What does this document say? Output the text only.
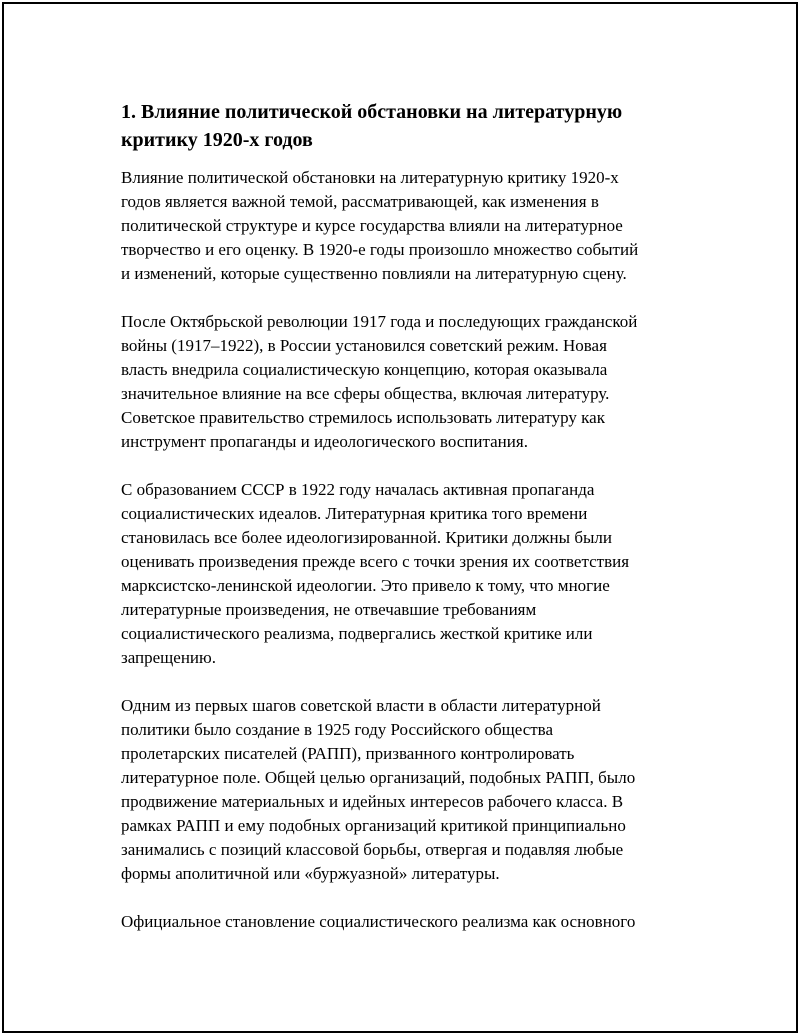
1. Влияние политической обстановки на литературную
критику 1920-х годов

Влияние политической обстановки на литературную критику 1920-х
годов является важной темой, рассматривающей, как изменения в
политической структуре и курсе государства влияли на литературное
творчество и его оценку. В 1920-е годы произошло множество событий
и изменений, которые существенно повлияли на литературную сцену.

После Октябрьской революции 1917 года и последующих гражданской
войны (1917–1922), в России установился советский режим. Новая
власть внедрила социалистическую концепцию, которая оказывала
значительное влияние на все сферы общества, включая литературу.
Советское правительство стремилось использовать литературу как
инструмент пропаганды и идеологического воспитания.

С образованием СССР в 1922 году началась активная пропаганда
социалистических идеалов. Литературная критика того времени
становилась все более идеологизированной. Критики должны были
оценивать произведения прежде всего с точки зрения их соответствия
марксистско-ленинской идеологии. Это привело к тому, что многие
литературные произведения, не отвечавшие требованиям
социалистического реализма, подвергались жесткой критике или
запрещению.

Одним из первых шагов советской власти в области литературной
политики было создание в 1925 году Российского общества
пролетарских писателей (РАПП), призванного контролировать
литературное поле. Общей целью организаций, подобных РАПП, было
продвижение материальных и идейных интересов рабочего класса. В
рамках РАПП и ему подобных организаций критикой принципиально
занимались с позиций классовой борьбы, отвергая и подавляя любые
формы аполитичной или «буржуазной» литературы.

Официальное становление социалистического реализма как основного
